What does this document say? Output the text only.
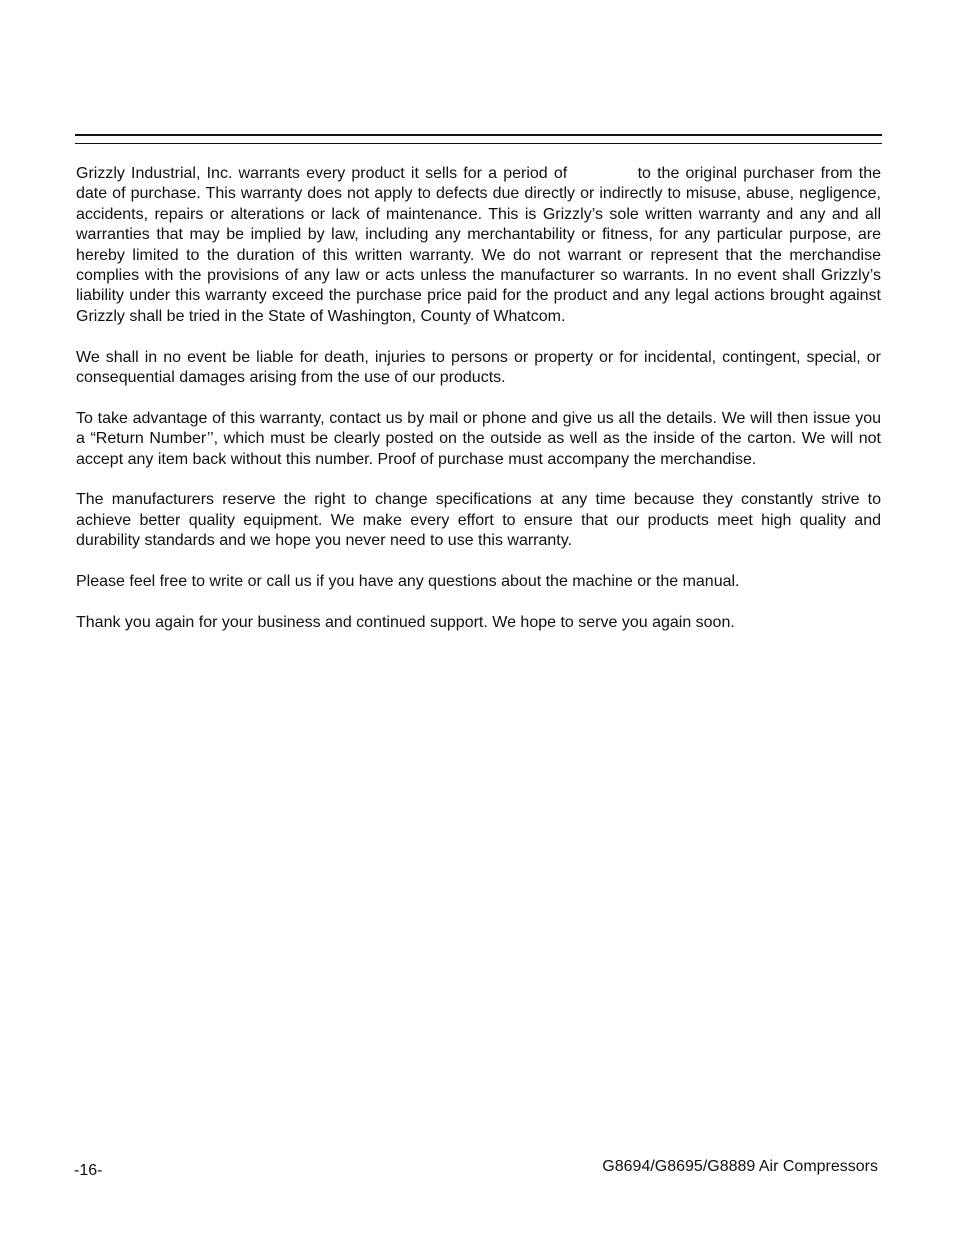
Grizzly Industrial, Inc. warrants every product it sells for a period of	to the original purchaser from the date of purchase. This warranty does not apply to defects due directly or indirectly to misuse, abuse, negligence, accidents, repairs or alterations or lack of maintenance. This is Grizzly’s sole written warranty and any and all warranties that may be implied by law, including any merchantability or fitness, for any particular purpose, are hereby limited to the duration of this written warranty. We do not warrant or represent that the merchandise complies with the provisions of any law or acts unless the manufacturer so warrants. In no event shall Grizzly’s liability under this warranty exceed the purchase price paid for the product and any legal actions brought against Grizzly shall be tried in the State of Washington, County of Whatcom.

We shall in no event be liable for death, injuries to persons or property or for incidental, contingent, special, or consequential damages arising from the use of our products.

To take advantage of this warranty, contact us by mail or phone and give us all the details. We will then issue you a “Return Number’’, which must be clearly posted on the outside as well as the inside of the carton. We will not accept any item back without this number. Proof of purchase must accompany the merchandise.

The manufacturers reserve the right to change specifications at any time because they constantly strive to achieve better quality equipment. We make every effort to ensure that our products meet high quality and durability standards and we hope you never need to use this warranty.

Please feel free to write or call us if you have any questions about the machine or the manual.

Thank you again for your business and continued support. We hope to serve you again soon.

-16-	G8694/G8695/G8889 Air Compressors
